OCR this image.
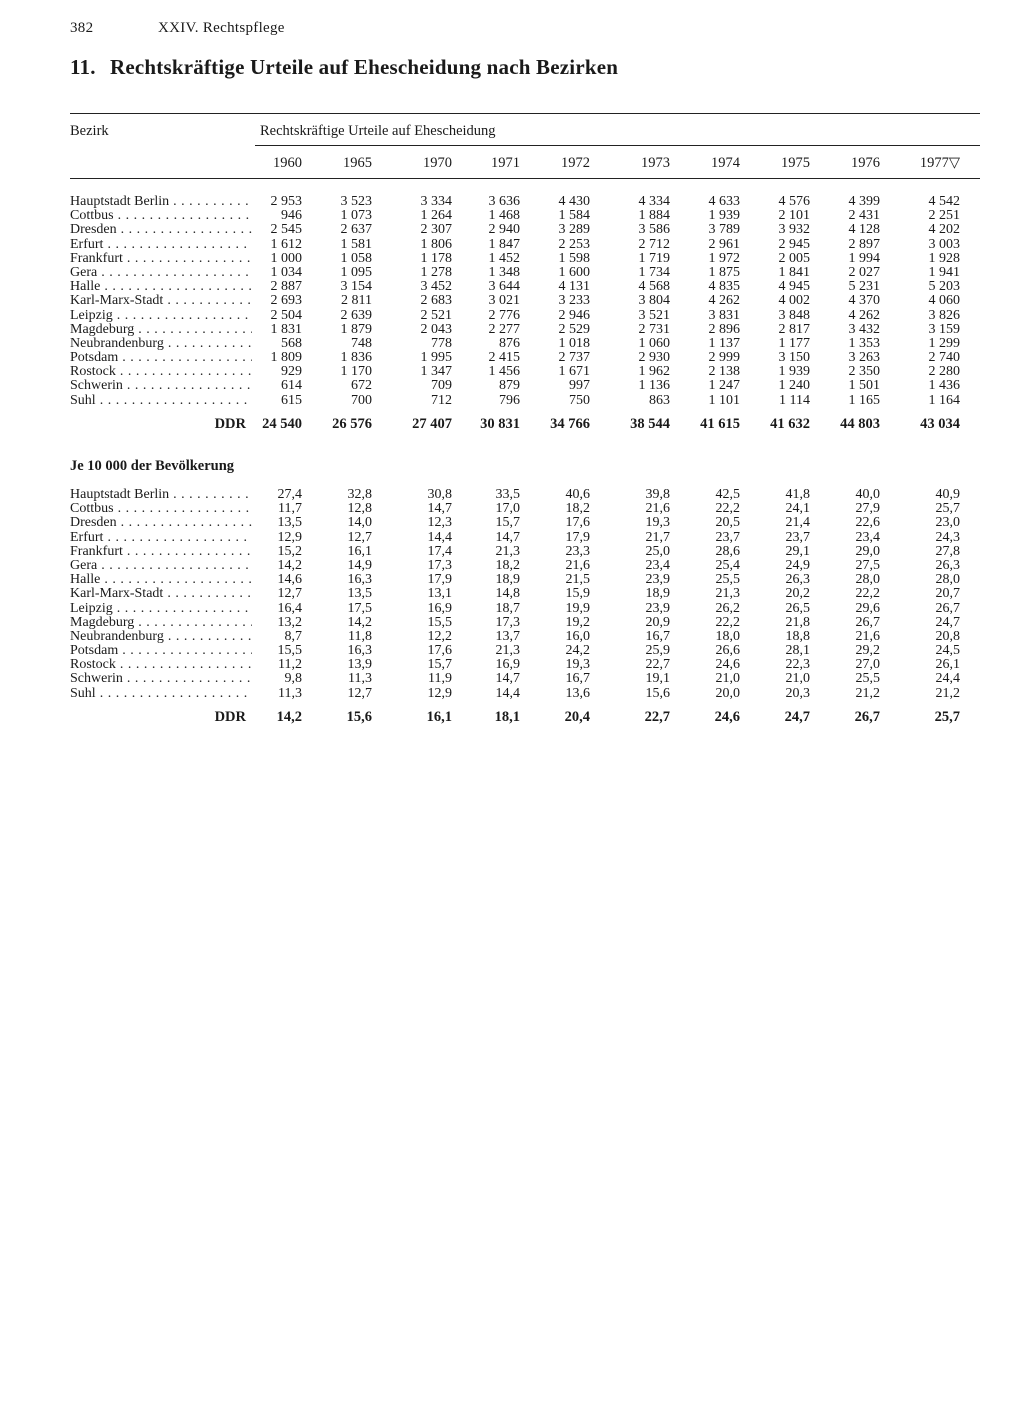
382	XXIV. Rechtspflege
11. Rechtskräftige Urteile auf Ehescheidung nach Bezirken
Bezirk	Rechtskräftige Urteile auf Ehescheidung
1960	1965	1970	1971	1972	1973	1974	1975	1976	1977▽
Hauptstadt Berlin . . .	2 953	3 523	3 334	3 636	4 430	4 334	4 633	4 576	4 399	4 542
Cottbus . . .	946	1 073	1 264	1 468	1 584	1 884	1 939	2 101	2 431	2 251
Dresden . . .	2 545	2 637	2 307	2 940	3 289	3 586	3 789	3 932	4 128	4 202
Erfurt . . .	1 612	1 581	1 806	1 847	2 253	2 712	2 961	2 945	2 897	3 003
Frankfurt . . .	1 000	1 058	1 178	1 452	1 598	1 719	1 972	2 005	1 994	1 928
Gera . . .	1 034	1 095	1 278	1 348	1 600	1 734	1 875	1 841	2 027	1 941
Halle . . .	2 887	3 154	3 452	3 644	4 131	4 568	4 835	4 945	5 231	5 203
Karl-Marx-Stadt . . .	2 693	2 811	2 683	3 021	3 233	3 804	4 262	4 002	4 370	4 060
Leipzig . . .	2 504	2 639	2 521	2 776	2 946	3 521	3 831	3 848	4 262	3 826
Magdeburg . . .	1 831	1 879	2 043	2 277	2 529	2 731	2 896	2 817	3 432	3 159
Neubrandenburg . . .	568	748	778	876	1 018	1 060	1 137	1 177	1 353	1 299
Potsdam . . .	1 809	1 836	1 995	2 415	2 737	2 930	2 999	3 150	3 263	2 740
Rostock . . .	929	1 170	1 347	1 456	1 671	1 962	2 138	1 939	2 350	2 280
Schwerin . . .	614	672	709	879	997	1 136	1 247	1 240	1 501	1 436
Suhl . . .	615	700	712	796	750	863	1 101	1 114	1 165	1 164
DDR	24 540	26 576	27 407	30 831	34 766	38 544	41 615	41 632	44 803	43 034
Je 10 000 der Bevölkerung
Hauptstadt Berlin . . .	27,4	32,8	30,8	33,5	40,6	39,8	42,5	41,8	40,0	40,9
Cottbus . . .	11,7	12,8	14,7	17,0	18,2	21,6	22,2	24,1	27,9	25,7
Dresden . . .	13,5	14,0	12,3	15,7	17,6	19,3	20,5	21,4	22,6	23,0
Erfurt . . .	12,9	12,7	14,4	14,7	17,9	21,7	23,7	23,7	23,4	24,3
Frankfurt . . .	15,2	16,1	17,4	21,3	23,3	25,0	28,6	29,1	29,0	27,8
Gera . . .	14,2	14,9	17,3	18,2	21,6	23,4	25,4	24,9	27,5	26,3
Halle . . .	14,6	16,3	17,9	18,9	21,5	23,9	25,5	26,3	28,0	28,0
Karl-Marx-Stadt . . .	12,7	13,5	13,1	14,8	15,9	18,9	21,3	20,2	22,2	20,7
Leipzig . . .	16,4	17,5	16,9	18,7	19,9	23,9	26,2	26,5	29,6	26,7
Magdeburg . . .	13,2	14,2	15,5	17,3	19,2	20,9	22,2	21,8	26,7	24,7
Neubrandenburg . . .	8,7	11,8	12,2	13,7	16,0	16,7	18,0	18,8	21,6	20,8
Potsdam . . .	15,5	16,3	17,6	21,3	24,2	25,9	26,6	28,1	29,2	24,5
Rostock . . .	11,2	13,9	15,7	16,9	19,3	22,7	24,6	22,3	27,0	26,1
Schwerin . . .	9,8	11,3	11,9	14,7	16,7	19,1	21,0	21,0	25,5	24,4
Suhl . . .	11,3	12,7	12,9	14,4	13,6	15,6	20,0	20,3	21,2	21,2
DDR	14,2	15,6	16,1	18,1	20,4	22,7	24,6	24,7	26,7	25,7
